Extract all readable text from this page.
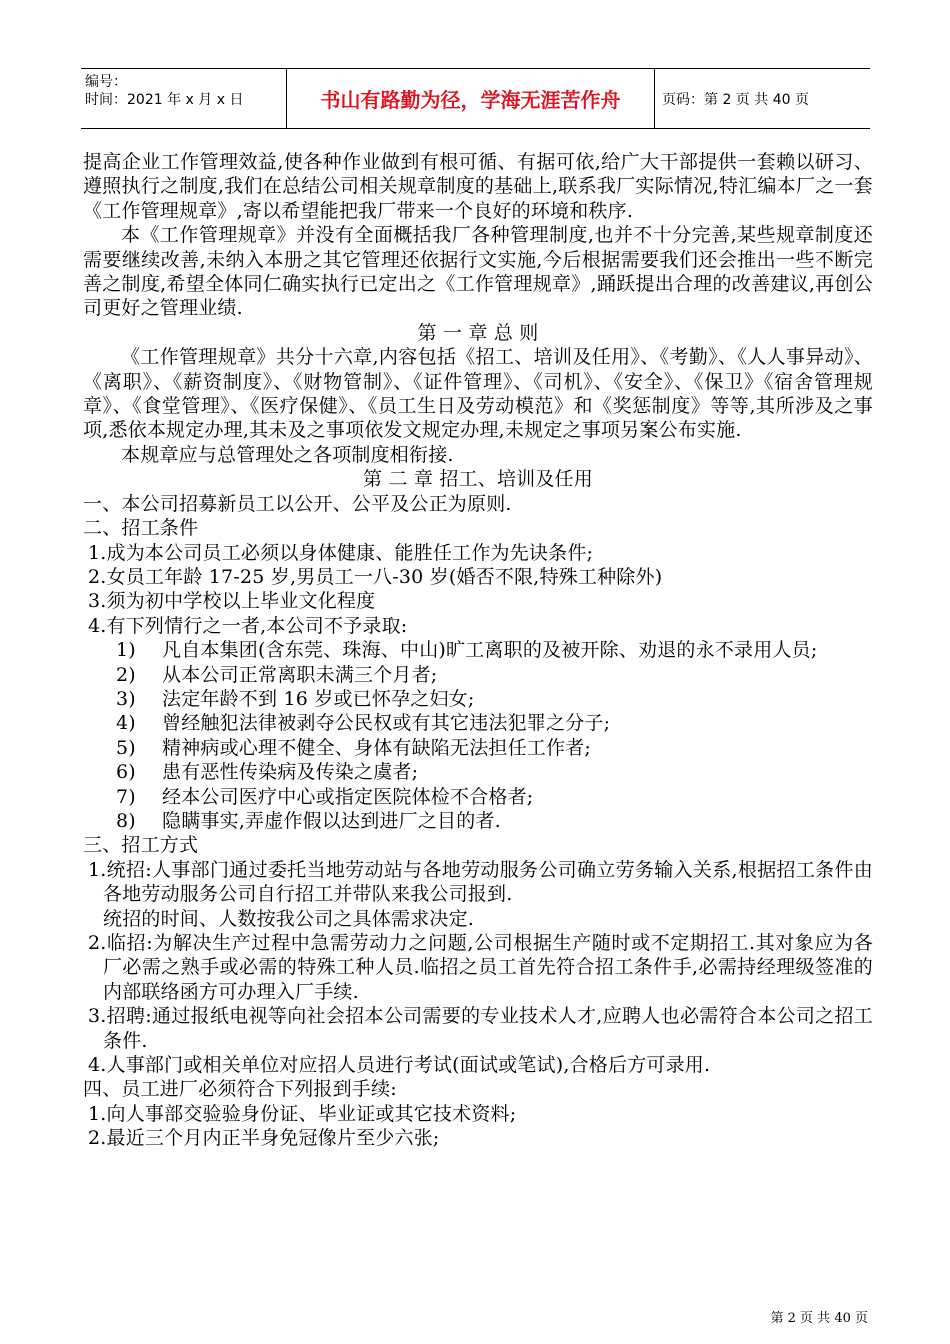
编号：
时间：2021 年 x 月 x 日	书山有路勤为径，学海无涯苦作舟	页码：第 2 页 共 40 页

提高企业工作管理效益,使各种作业做到有根可循、有据可依,给广大干部提供一套赖以研习、遵照执行之制度,我们在总结公司相关规章制度的基础上,联系我厂实际情况,特汇编本厂之一套《工作管理规章》,寄以希望能把我厂带来一个良好的环境和秩序.

本《工作管理规章》并没有全面概括我厂各种管理制度,也并不十分完善,某些规章制度还需要继续改善,未纳入本册之其它管理还依据行文实施,今后根据需要我们还会推出一些不断完善之制度,希望全体同仁确实执行已定出之《工作管理规章》,踊跃提出合理的改善建议,再创公司更好之管理业绩.

第 一 章 总 则

《工作管理规章》共分十六章,内容包括《招工、培训及任用》、《考勤》、《人人事异动》、《离职》、《薪资制度》、《财物管制》、《证件管理》、《司机》、《安全》、《保卫》《宿舍管理规章》、《食堂管理》、《医疗保健》、《员工生日及劳动模范》和《奖惩制度》等等,其所涉及之事项,悉依本规定办理,其未及之事项依发文规定办理,未规定之事项另案公布实施.

本规章应与总管理处之各项制度相衔接.

第 二 章 招工、培训及任用

一、本公司招募新员工以公开、公平及公正为原则.

二、招工条件

1.成为本公司员工必须以身体健康、能胜任工作为先诀条件;

2.女员工年龄 17-25 岁,男员工一八-30 岁(婚否不限,特殊工种除外)

3.须为初中学校以上毕业文化程度

4.有下列情行之一者,本公司不予录取:

1)	凡自本集团(含东莞、珠海、中山)旷工离职的及被开除、劝退的永不录用人员;
2)	从本公司正常离职未满三个月者;
3)	法定年龄不到 16 岁或已怀孕之妇女;
4)	曾经触犯法律被剥夺公民权或有其它违法犯罪之分子;
5)	精神病或心理不健全、身体有缺陷无法担任工作者;
6)	患有恶性传染病及传染之虞者;
7)	经本公司医疗中心或指定医院体检不合格者;
8)	隐瞒事实,弄虚作假以达到进厂之目的者.

三、招工方式

1.统招:人事部门通过委托当地劳动站与各地劳动服务公司确立劳务输入关系,根据招工条件由各地劳动服务公司自行招工并带队来我公司报到.

统招的时间、人数按我公司之具体需求决定.

2.临招:为解决生产过程中急需劳动力之问题,公司根据生产随时或不定期招工.其对象应为各厂必需之熟手或必需的特殊工种人员.临招之员工首先符合招工条件手,必需持经理级签准的内部联络函方可办理入厂手续.

3.招聘:通过报纸电视等向社会招本公司需要的专业技术人才,应聘人也必需符合本公司之招工条件.

4.人事部门或相关单位对应招人员进行考试(面试或笔试),合格后方可录用.

四、员工进厂必须符合下列报到手续:

1.向人事部交验验身份证、毕业证或其它技术资料;

2.最近三个月内正半身免冠像片至少六张;

第 2 页 共 40 页
